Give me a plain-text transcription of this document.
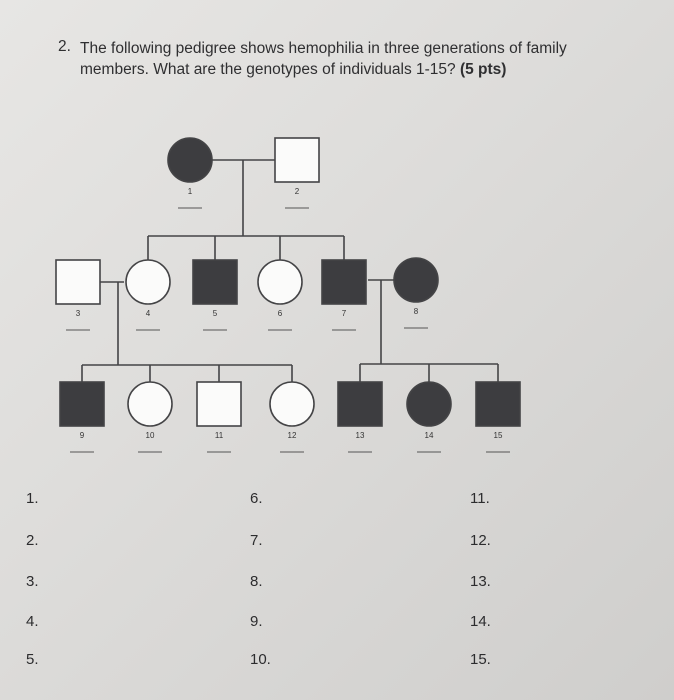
2. The following pedigree shows hemophilia in three generations of family
members. What are the genotypes of individuals 1-15? (5 pts)
1	2
3	4	5	6	7	8
9	10	11	12	13	14	15
1.
2.
3.
4.
5.
6.
7.
8.
9.
10.
11.
12.
13.
14.
15.
